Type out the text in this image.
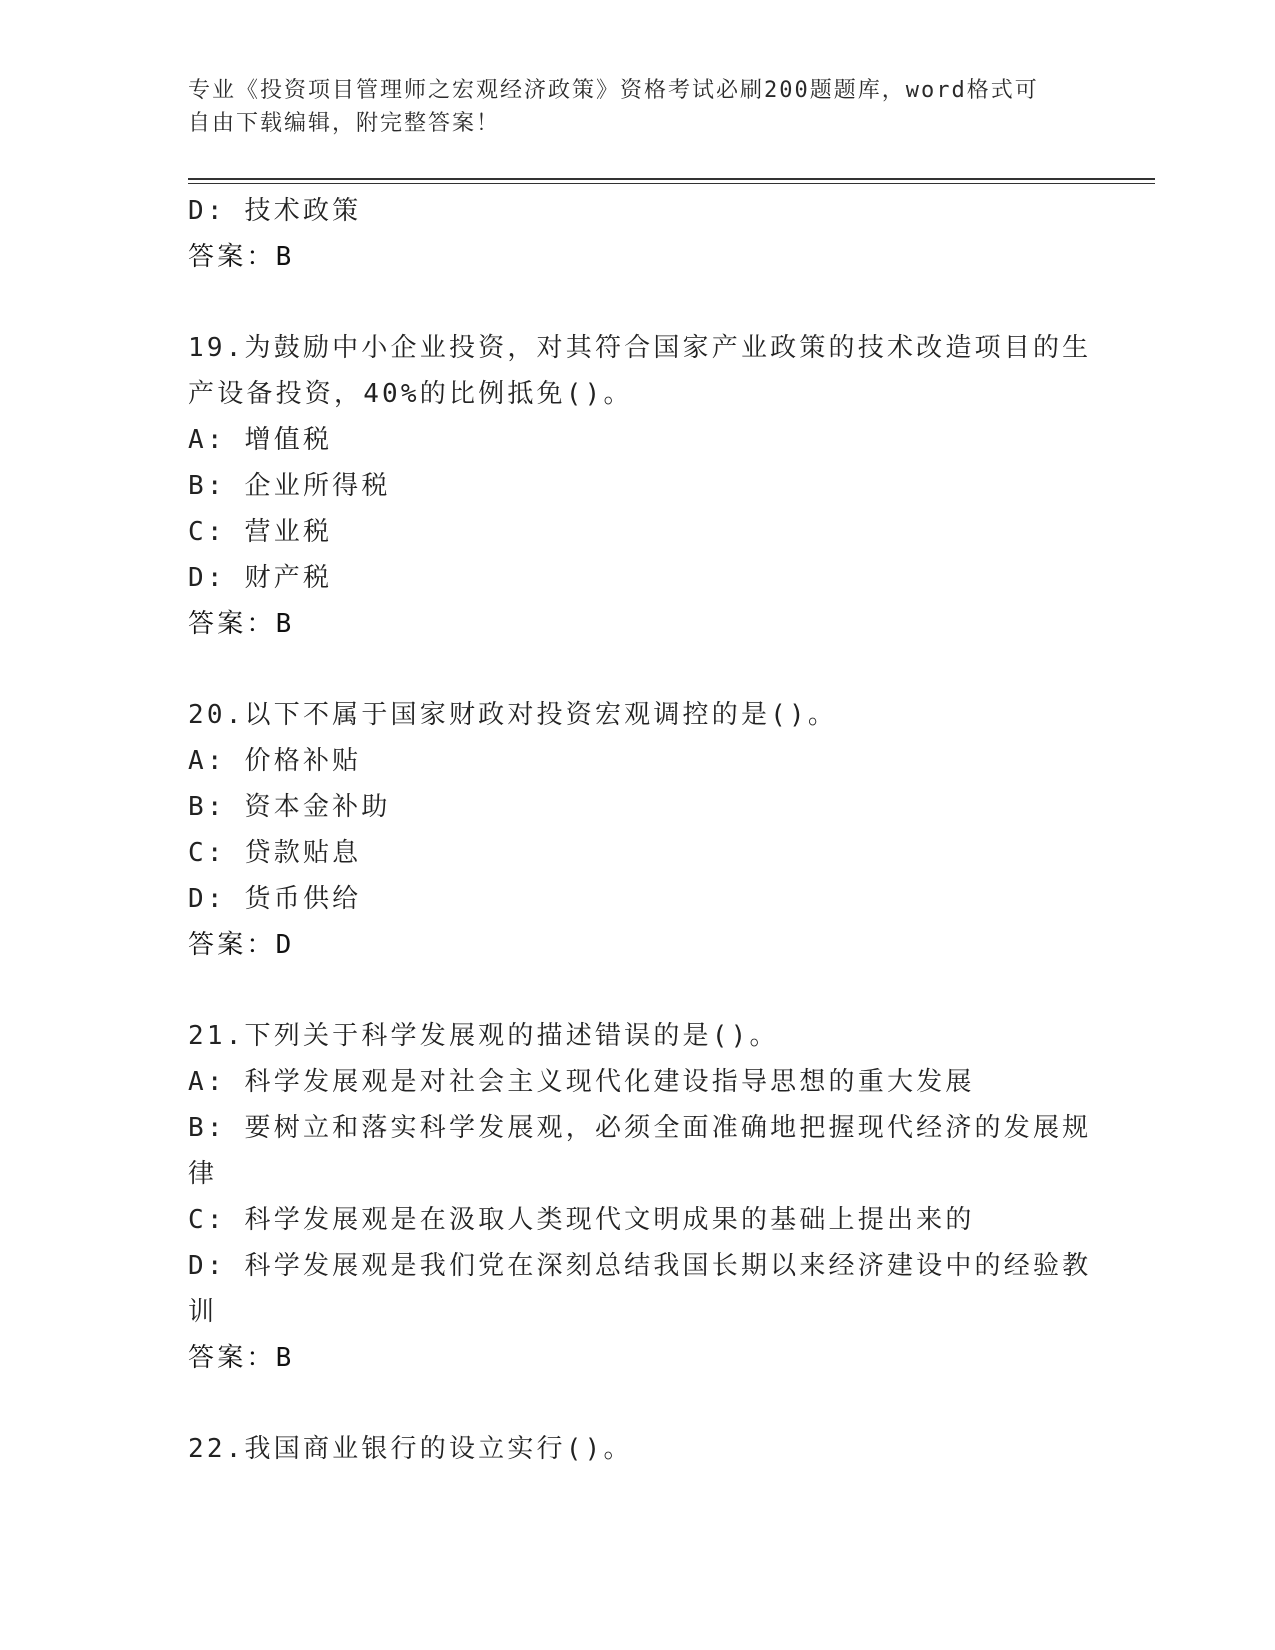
专业《投资项目管理师之宏观经济政策》资格考试必刷200题题库，word格式可
自由下载编辑，附完整答案！
D: 技术政策
答案：B
19.为鼓励中小企业投资，对其符合国家产业政策的技术改造项目的生
产设备投资，40%的比例抵免()。
A: 增值税
B: 企业所得税
C: 营业税
D: 财产税
答案：B
20.以下不属于国家财政对投资宏观调控的是()。
A: 价格补贴
B: 资本金补助
C: 贷款贴息
D: 货币供给
答案：D
21.下列关于科学发展观的描述错误的是()。
A: 科学发展观是对社会主义现代化建设指导思想的重大发展
B: 要树立和落实科学发展观，必须全面准确地把握现代经济的发展规
律
C: 科学发展观是在汲取人类现代文明成果的基础上提出来的
D: 科学发展观是我们党在深刻总结我国长期以来经济建设中的经验教
训
答案：B
22.我国商业银行的设立实行()。
